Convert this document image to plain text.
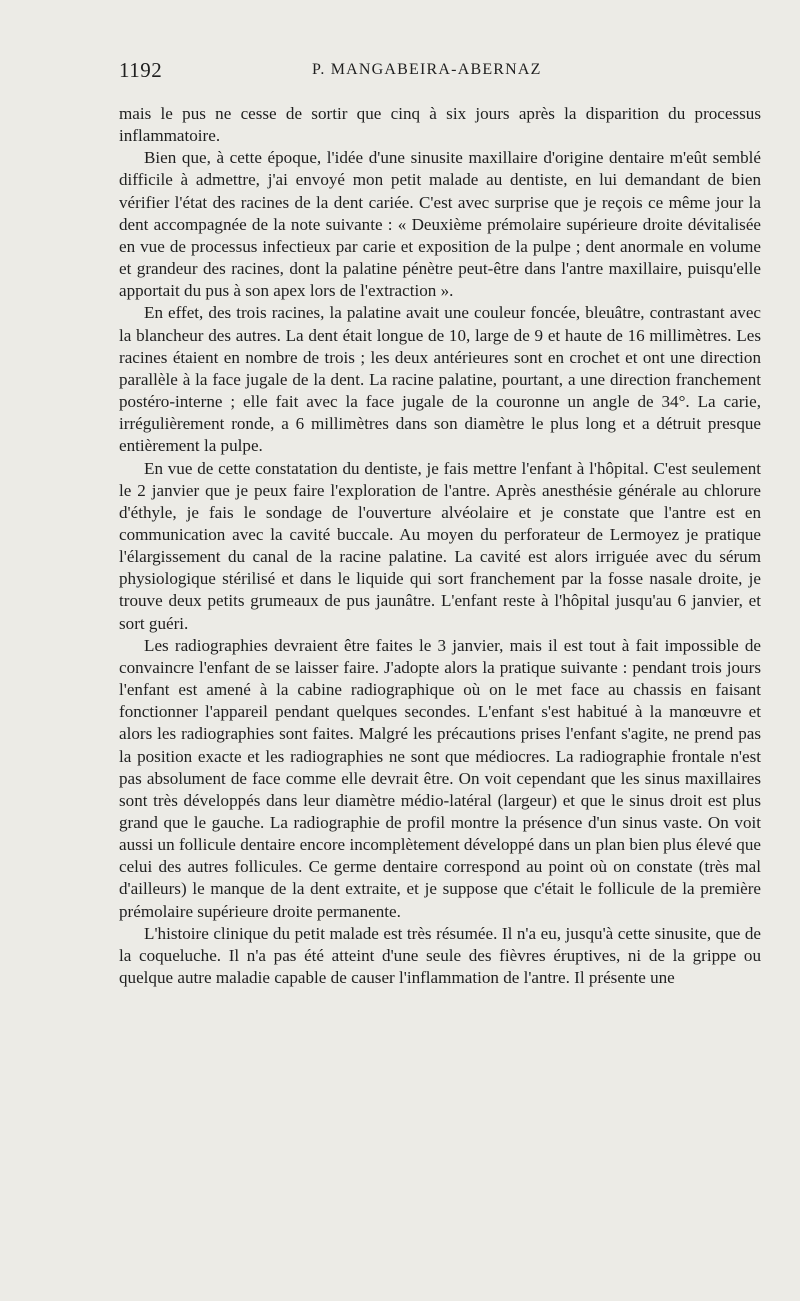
1192	P. MANGABEIRA-ABERNAZ

mais le pus ne cesse de sortir que cinq à six jours après la disparition du processus inflammatoire.

Bien que, à cette époque, l'idée d'une sinusite maxillaire d'origine dentaire m'eût semblé difficile à admettre, j'ai envoyé mon petit malade au dentiste, en lui demandant de bien vérifier l'état des racines de la dent cariée. C'est avec surprise que je reçois ce même jour la dent accompagnée de la note suivante : « Deuxième prémolaire supérieure droite dévitalisée en vue de processus infectieux par carie et exposition de la pulpe ; dent anormale en volume et grandeur des racines, dont la palatine pénètre peut-être dans l'antre maxillaire, puisqu'elle apportait du pus à son apex lors de l'extraction ».

En effet, des trois racines, la palatine avait une couleur foncée, bleuâtre, contrastant avec la blancheur des autres. La dent était longue de 10, large de 9 et haute de 16 millimètres. Les racines étaient en nombre de trois ; les deux antérieures sont en crochet et ont une direction parallèle à la face jugale de la dent. La racine palatine, pourtant, a une direction franchement postéro-interne ; elle fait avec la face jugale de la couronne un angle de 34°. La carie, irrégulièrement ronde, a 6 millimètres dans son diamètre le plus long et a détruit presque entièrement la pulpe.

En vue de cette constatation du dentiste, je fais mettre l'enfant à l'hôpital. C'est seulement le 2 janvier que je peux faire l'exploration de l'antre. Après anesthésie générale au chlorure d'éthyle, je fais le sondage de l'ouverture alvéolaire et je constate que l'antre est en communication avec la cavité buccale. Au moyen du perforateur de Lermoyez je pratique l'élargissement du canal de la racine palatine. La cavité est alors irriguée avec du sérum physiologique stérilisé et dans le liquide qui sort franchement par la fosse nasale droite, je trouve deux petits grumeaux de pus jaunâtre. L'enfant reste à l'hôpital jusqu'au 6 janvier, et sort guéri.

Les radiographies devraient être faites le 3 janvier, mais il est tout à fait impossible de convaincre l'enfant de se laisser faire. J'adopte alors la pratique suivante : pendant trois jours l'enfant est amené à la cabine radiographique où on le met face au chassis en faisant fonctionner l'appareil pendant quelques secondes. L'enfant s'est habitué à la manœuvre et alors les radiographies sont faites. Malgré les précautions prises l'enfant s'agite, ne prend pas la position exacte et les radiographies ne sont que médiocres. La radiographie frontale n'est pas absolument de face comme elle devrait être. On voit cependant que les sinus maxillaires sont très développés dans leur diamètre médio-latéral (largeur) et que le sinus droit est plus grand que le gauche. La radiographie de profil montre la présence d'un sinus vaste. On voit aussi un follicule dentaire encore incomplètement développé dans un plan bien plus élevé que celui des autres follicules. Ce germe dentaire correspond au point où on constate (très mal d'ailleurs) le manque de la dent extraite, et je suppose que c'était le follicule de la première prémolaire supérieure droite permanente.

L'histoire clinique du petit malade est très résumée. Il n'a eu, jusqu'à cette sinusite, que de la coqueluche. Il n'a pas été atteint d'une seule des fièvres éruptives, ni de la grippe ou quelque autre maladie capable de causer l'inflammation de l'antre. Il présente une
